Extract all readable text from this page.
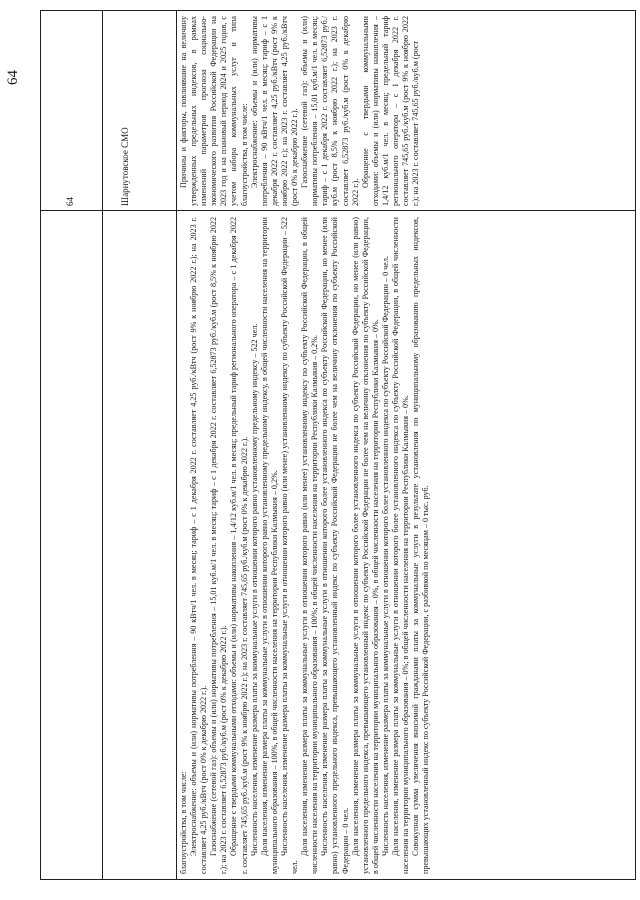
64

благоустройства, в том числе: Электроснабжение: объемы и (или) нормативы потребления – 90 кВтч/1 чел. в месяц; тариф – с 1 декабря 2022 г. составляет 4,25 руб./кВтч (рост 9% к ноябрю 2022 г.); на 2023 г. составляет 4,25 руб./кВтч (рост 0% к декабрю 2022 г.). Газоснабжение (сетевой газ): объемы и (или) нормативы потребления – 15,01 куб.м/1 чел. в месяц; тариф – с 1 декабря 2022 г. составляет 6,52873 руб./куб.м (рост 8,5% к ноябрю 2022 г.); на 2023 г. составляет 6,52873 руб./куб.м (рост 0% к декабрю 2022 г.). Обращение с твердыми коммунальными отходами: объемы и (или) нормативы накопления – 1,4/12 куб.м/1 чел. в месяц; предельный тариф регионального оператора – с 1 декабря 2022 г. составляет 745,65 руб./куб.м (рост 9% к ноябрю 2022 г.); на 2023 г. составляет 745,65 руб./куб.м (рост 0% к декабрю 2022 г.). Численность населения, изменение размера платы за коммунальные услуги в отношении которого равно установленному предельному индексу – 522 чел. Доля населения, изменение размера платы за коммунальные услуги в отношении которого равно установленному предельному индексу, в общей численности населения на территории муниципального образования – 100%, в общей численности населения на территории Республики Калмыкия – 0,2%. Численность населения, изменение размера платы за коммунальные услуги в отношении которого равно (или менее) установленному индексу по субъекту Российской Федерации – 522 чел.

Доля населения, изменение размера платы за коммунальные услуги в отношении которого равно (или менее) установленному индексу по субъекту Российской Федерации, в общей численности населения на территории муниципального образования – 100%; в общей численности населения на территории Республики Калмыкия – 0,2%. Численность населения, изменение размера платы за коммунальные услуги в отношении которого более установленного индекса по субъекту Российской Федерации, но менее (или равно) установленного предельного индекса, превышающего установленный индекс по субъекту Российской Федерации не более чем на величину отклонения по субъекту Российской Федерации – 0 чел. Доля населения, изменение размера платы за коммунальные услуги в отношении которого более установленного индекса по субъекту Российской Федерации, но менее (или равно) установленного предельного индекса, превышающего установленный индекс по субъекту Российской Федерации не более чем на величину отклонения по субъекту Российской Федерации, в общей численности населения на территории муниципального образования – 0%, в общей численности населения на территории Республики Калмыкия – 0%. Численность населения, изменение размера платы за коммунальные услуги в отношении которого более установленного индекса по субъекту Российской Федерации – 0 чел. Доля населения, изменение размера платы за коммунальные услуги в отношении которого более установленного индекса по субъекту Российской Федерации, в общей численности населения на территории муниципального образования – 0%; в общей численности населения на территории Республики Калмыкия – 0%. Совокупная сумма увеличения вносимой гражданами платы за коммунальные услуги в результате установления по муниципальному образованию предельных индексов, превышающих установленный индекс по субъекту Российской Федерации, с разбивкой по месяцам – 0 тыс. руб.

64	Шарнутовское СМО	Причины и факторы, повлиявшие на величину утвержденных предельных индексов, в рамках изменений параметров прогноза социально-экономического развития Российской Федерации на 2023 год и на плановый период 2024 и 2025 годов, с учетом набора коммунальных услуг и типа благоустройства, в том числе: Электроснабжение: объемы и (или) нормативы потребления – 90 кВтч/1 чел. в месяц; тариф – с 1 декабря 2022 г. составляет 4,25 руб./кВтч (рост 9% к ноябрю 2022 г.); на 2023 г. составляет 4,25 руб./кВтч (рост 0% к декабрю 2022 г.). Газоснабжение (сетевой газ): объемы и (или) нормативы потребления – 15,01 куб.м/1 чел. в месяц; тариф – с 1 декабря 2022 г. составляет 6,52873 руб./куб.м (рост 8,5% к ноябрю 2022 г.); на 2023 г. составляет 6,52873 руб./куб.м (рост 0% к декабрю 2022 г.).

Обращение с твердыми коммунальными отходами: объемы и (или) нормативы накопления – 1,4/12 куб.м/1 чел. в месяц; предельный тариф регионального оператора – с 1 декабря 2022 г. составляет 745,65 руб./куб.м (рост 9% к ноябрю 2022 г.); на 2023 г. составляет 745,65 руб./куб.м (рост
